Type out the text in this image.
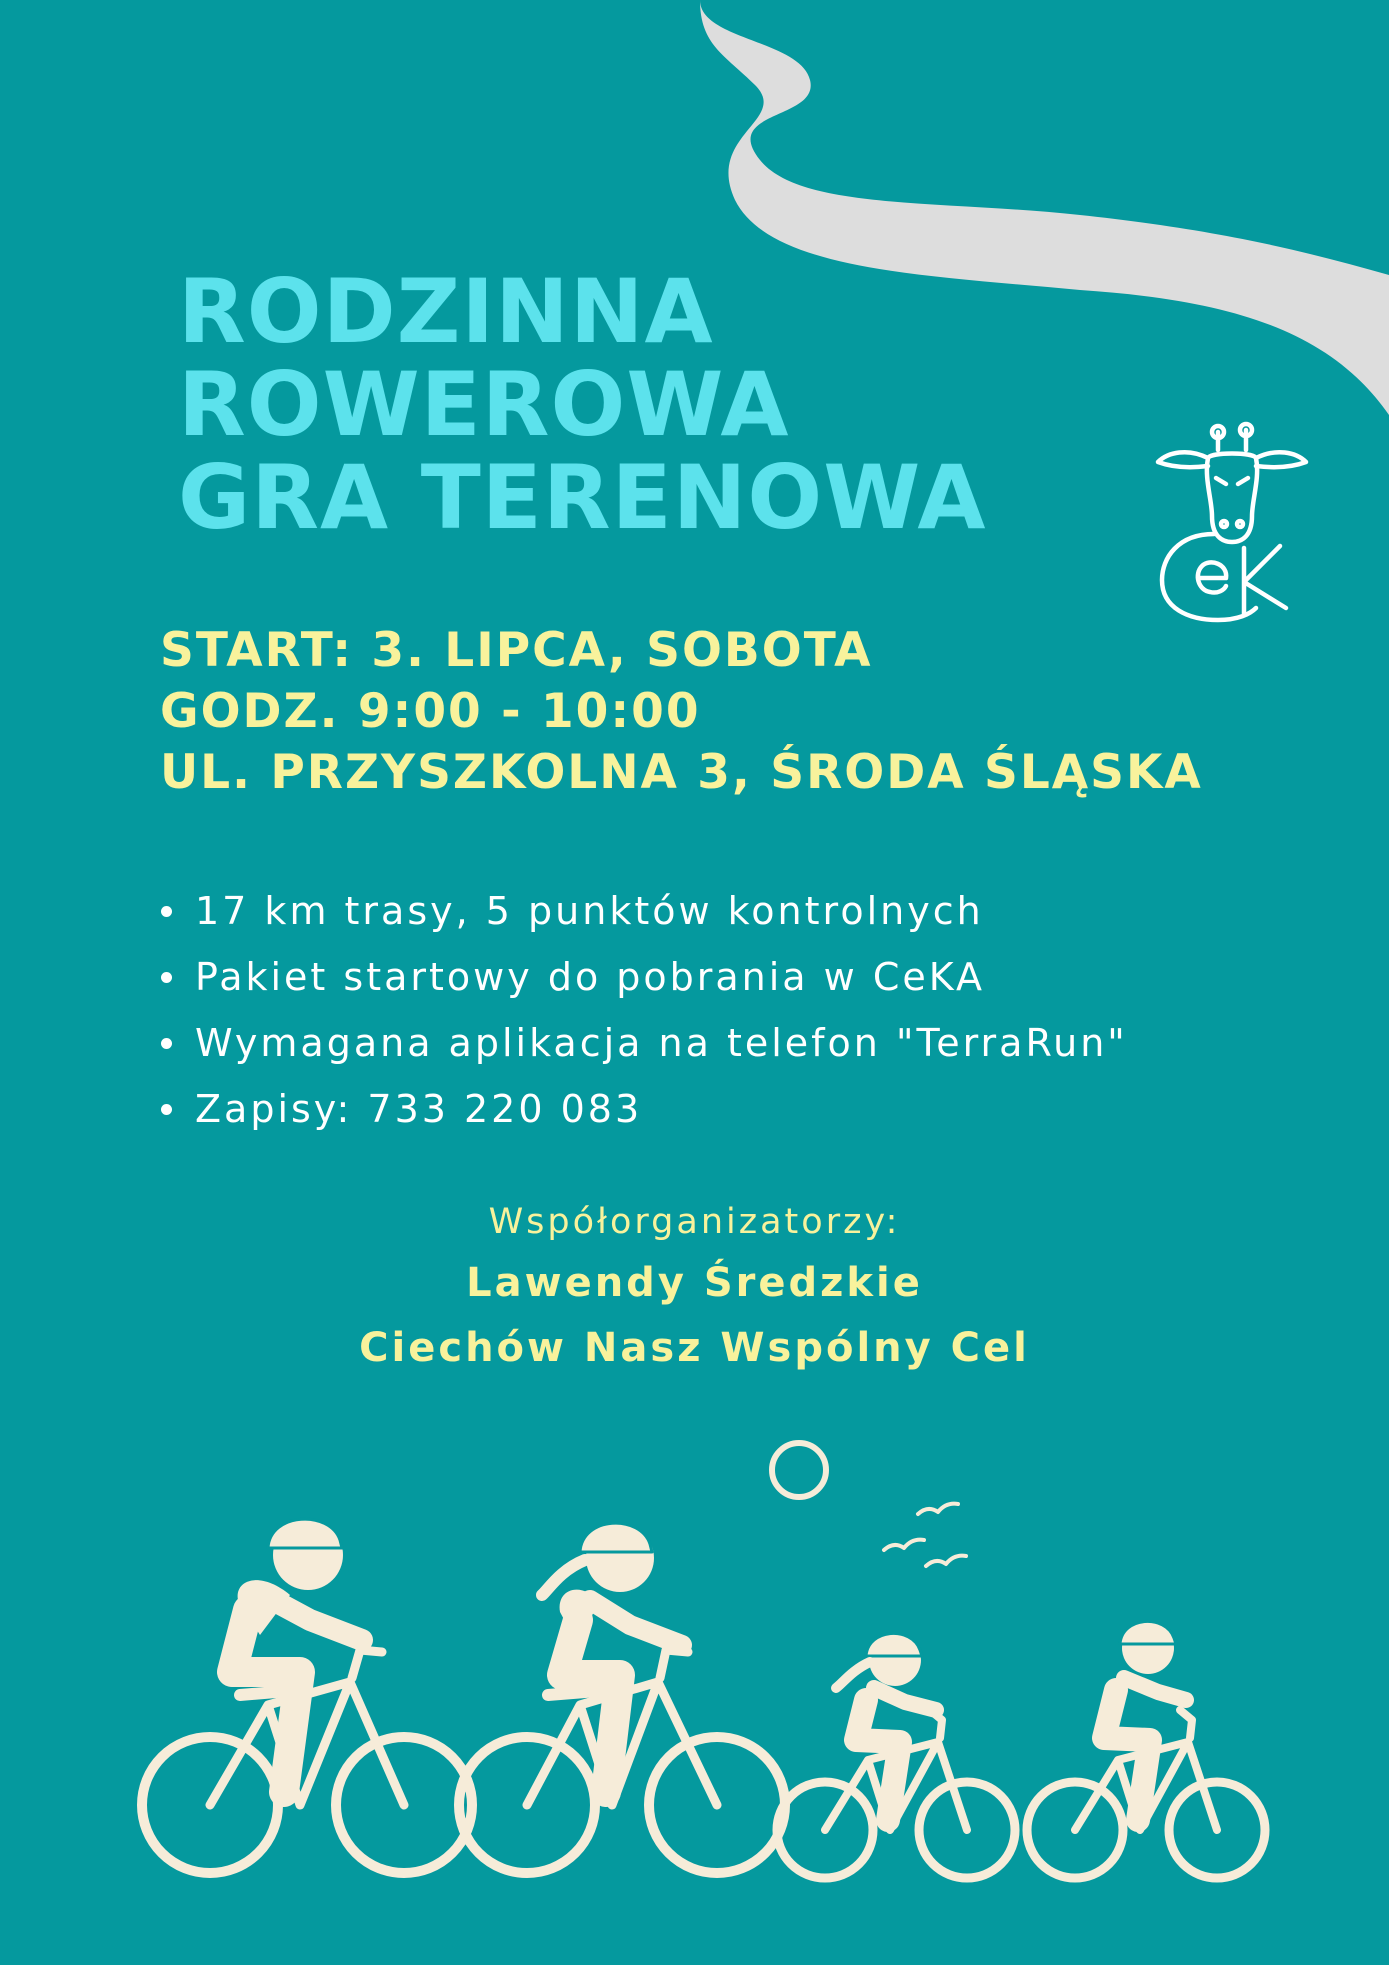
RODZINNA
ROWEROWA
GRA TERENOWA
START: 3. LIPCA, SOBOTA
GODZ. 9:00 - 10:00
UL. PRZYSZKOLNA 3, ŚRODA ŚLĄSKA
17 km trasy, 5 punktów kontrolnych
Pakiet startowy do pobrania w CeKA
Wymagana aplikacja na telefon "TerraRun"
Zapisy: 733 220 083
Współorganizatorzy:
Lawendy Średzkie
Ciechów Nasz Wspólny Cel
